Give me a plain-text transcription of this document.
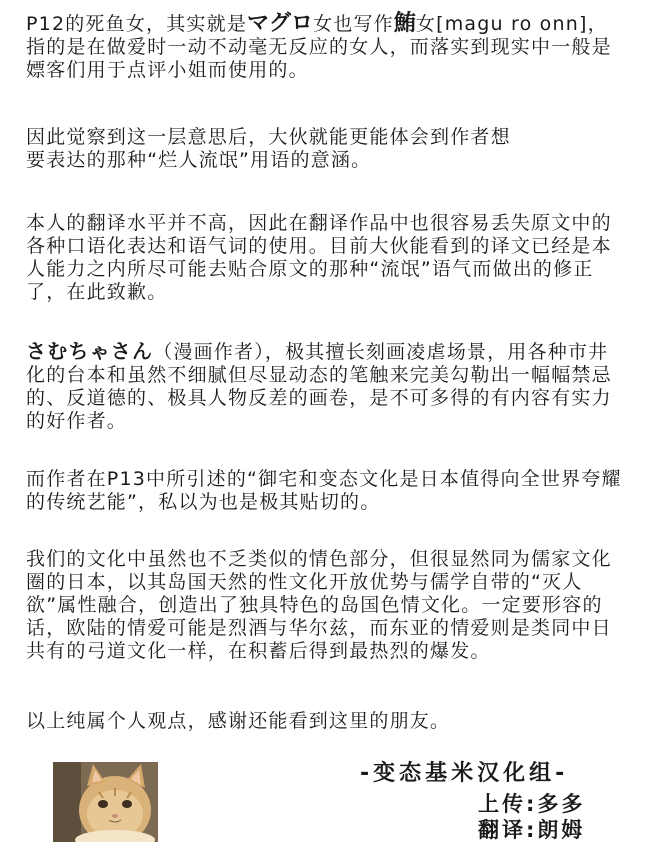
P12的死鱼女，其实就是マグロ女也写作鮪女[magu ro onn]，指的是在做爱时一动不动毫无反应的女人，而落实到现实中一般是嫖客们用于点评小姐而使用的。

因此觉察到这一层意思后，大伙就能更能体会到作者想要表达的那种“烂人流氓”用语的意涵。

本人的翻译水平并不高，因此在翻译作品中也很容易丢失原文中的各种口语化表达和语气词的使用。目前大伙能看到的译文已经是本人能力之内所尽可能去贴合原文的那种“流氓”语气而做出的修正了，在此致歉。

さむちゃさん（漫画作者），极其擅长刻画凌虐场景，用各种市井化的台本和虽然不细腻但尽显动态的笔触来完美勾勒出一幅幅禁忌的、反道德的、极具人物反差的画卷，是不可多得的有内容有实力的好作者。

而作者在P13中所引述的“御宅和变态文化是日本值得向全世界夸耀的传统艺能”，私以为也是极其贴切的。

我们的文化中虽然也不乏类似的情色部分，但很显然同为儒家文化圈的日本，以其岛国天然的性文化开放优势与儒学自带的“灭人欲”属性融合，创造出了独具特色的岛国色情文化。一定要形容的话，欧陆的情爱可能是烈酒与华尔兹，而东亚的情爱则是类同中日共有的弓道文化一样，在积蓄后得到最热烈的爆发。

以上纯属个人观点，感谢还能看到这里的朋友。

-变态基米汉化组-
上传:多多
翻译:朗姆
